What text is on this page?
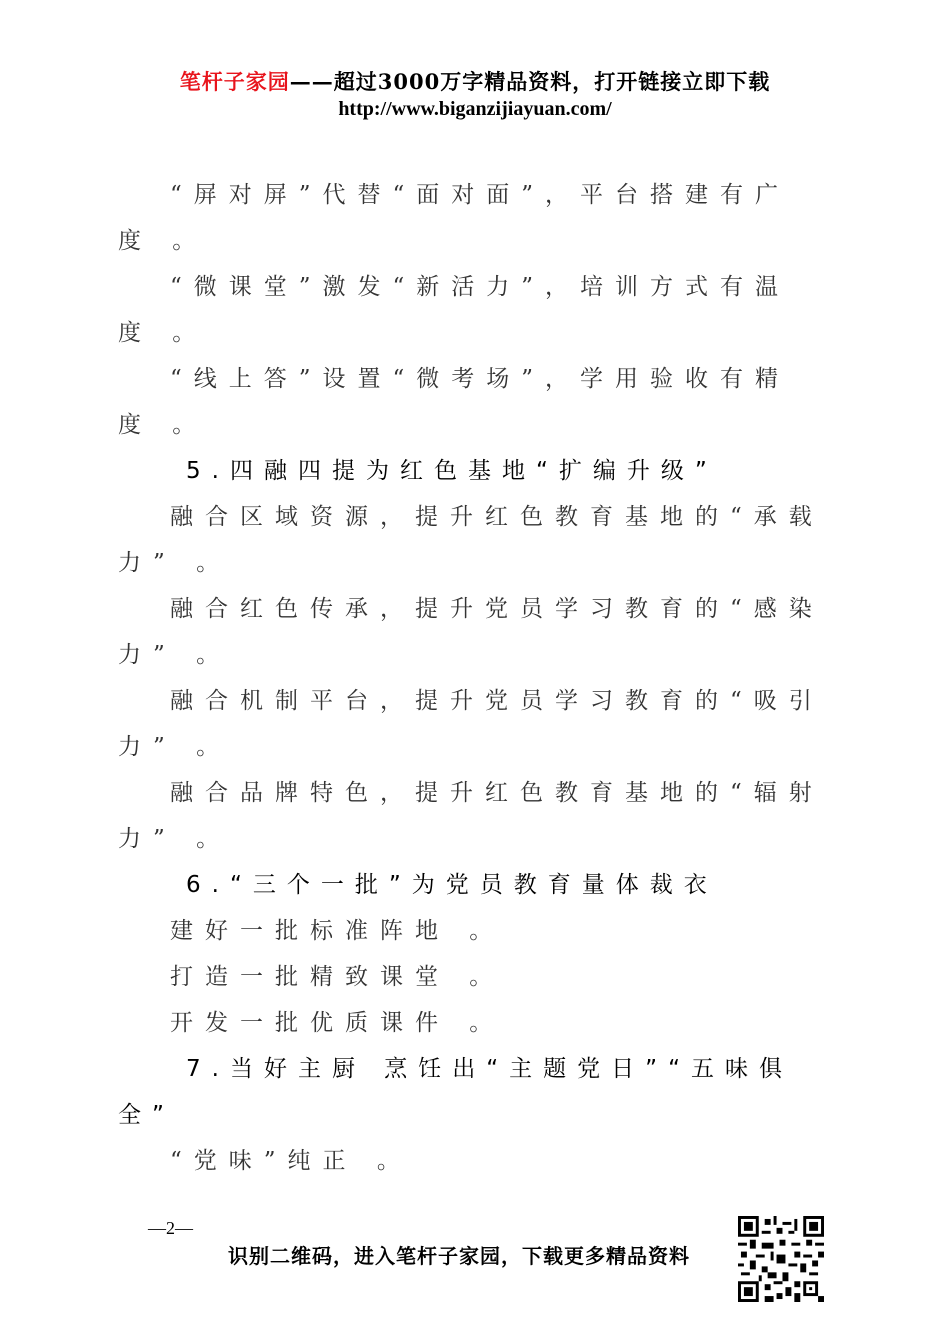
笔杆子家园——超过3000万字精品资料，打开链接立即下载
http://www.biganzijiayuan.com/
“屏对屏”代替“面对面”，平台搭建有广
度 。
“微课堂”激发“新活力”，培训方式有温
度 。
“线上答”设置“微考场”，学用验收有精
度 。
5.四融四提为红色基地“扩编升级”
融合区域资源，提升红色教育基地的“承载
力” 。
融合红色传承，提升党员学习教育的“感染
力” 。
融合机制平台，提升党员学习教育的“吸引
力” 。
融合品牌特色，提升红色教育基地的“辐射
力” 。
6.“三个一批”为党员教育量体裁衣
建好一批标准阵地 。
打造一批精致课堂 。
开发一批优质课件 。
7.当好主厨 烹饪出“主题党日”“五味俱
全”
“党味”纯正 。
—2—
识别二维码，进入笔杆子家园，下载更多精品资料
